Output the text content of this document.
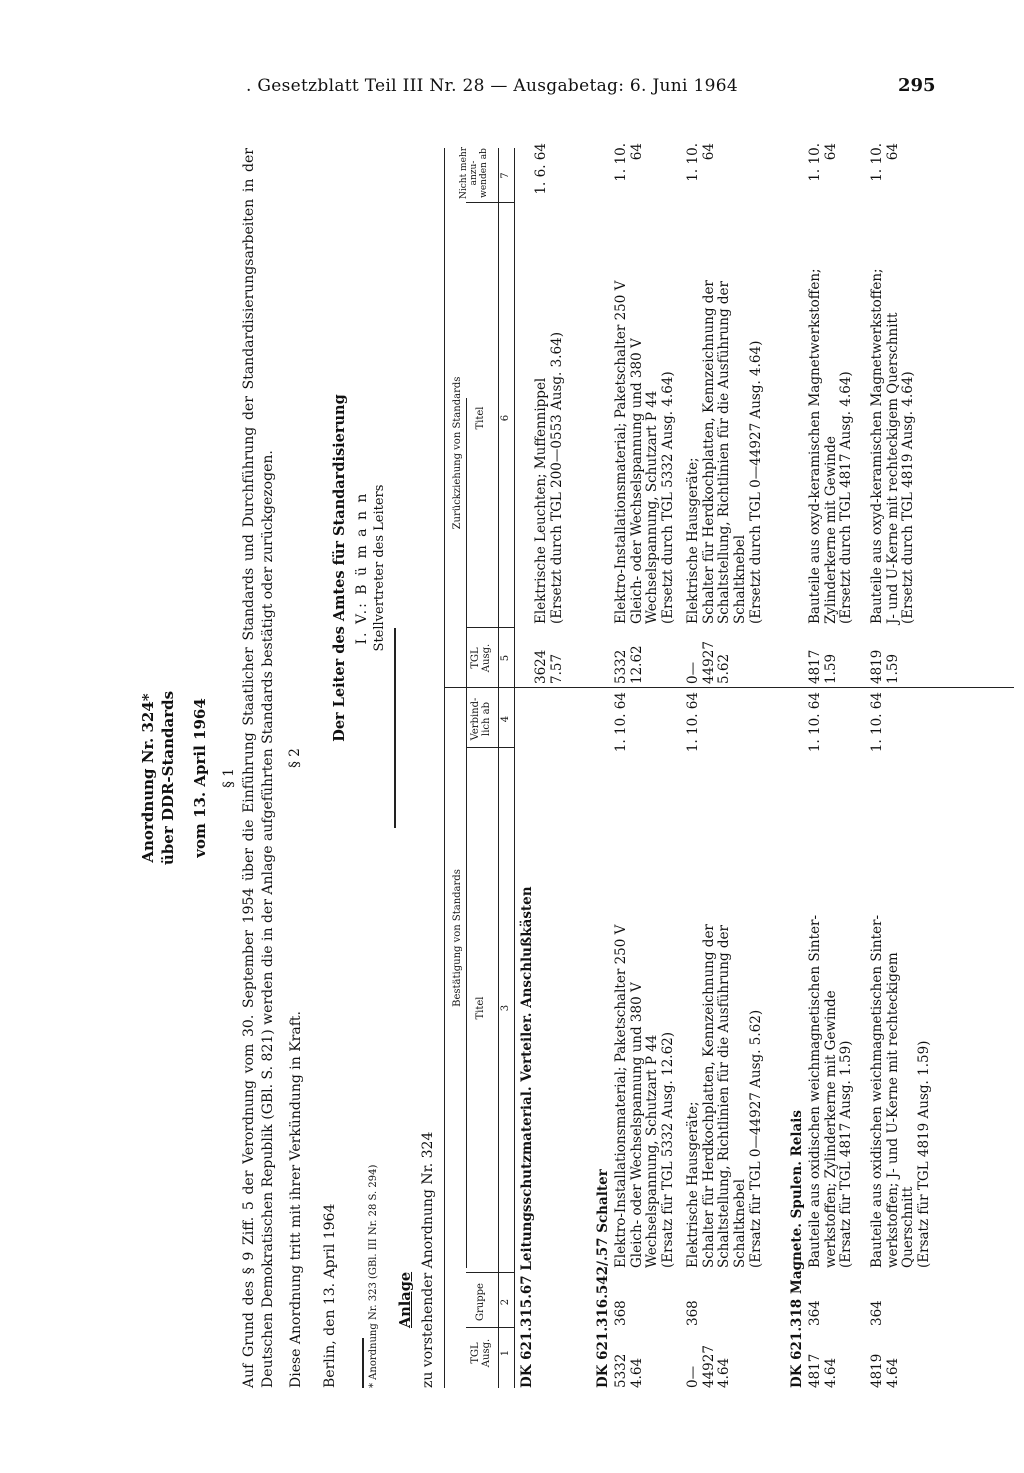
. Gesetzblatt Teil III Nr. 28 — Ausgabetag: 6. Juni 1964	295
Anordnung Nr. 324* über DDR-Standards vom 13. April 1964 § 1 Auf Grund des § 9 Ziff. 5 der Verordnung vom 30. September 1954 über die Einführung Staatlicher Standards und Durchführung der Standardisierungsarbeiten in der Deutschen Demokratischen Republik (GBl. S. 821) werden die in der Anlage aufgeführten Standards bestätigt oder zurückgezogen. § 2
Diese Anordnung tritt mit ihrer Verkündung in Kraft. Berlin, den 13. April 1964
Der Leiter des Amtes für Standardisierung I. V.: B ü m a n n Stellvertreter des Leiters
* Anordnung Nr. 323 (GBl. III Nr. 28 S. 294) Anlage zu vorstehender Anordnung Nr. 324
Bestätigung von Standards
Zurückziehung von Standards
TGL
Ausg.
Gruppe
Titel
Verbind-
lich ab
TGL
Ausg.
Titel
Nicht mehr
anzu-
wenden ab
1
2
3
4
5
6
7
DK 621.315.67 Leitungsschutzmaterial. Verteiler. Anschlußkästen
3624
7.57
Elektrische Leuchten; Muffennippel
(Ersetzt durch TGL 200—0553 Ausg. 3.64)
1. 6. 64
DK 621.316.542/.57 Schalter 5332
4.64
368
Elektro-Installationsmaterial; Paketschalter 250 V
Gleich- oder Wechselspannung und 380 V
Wechselspannung, Schutzart P 44
(Ersatz für TGL 5332 Ausg. 12.62)
1. 10. 64
5332
12.62
Elektro-Installationsmaterial; Paketschalter 250 V
Gleich- oder Wechselspannung und 380 V
Wechselspannung, Schutzart P 44
(Ersetzt durch TGL 5332 Ausg. 4.64)
1. 10. 64
0—44927
4.64
368
Elektrische Hausgeräte;
Schalter für Herdkochplatten, Kennzeichnung der
Schaltstellung, Richtlinien für die Ausführung der
Schaltknebel
(Ersatz für TGL 0—44927 Ausg. 5.62)
1. 10. 64
0—44927
5.62
Elektrische Hausgeräte;
Schalter für Herdkochplatten, Kennzeichnung der
Schaltstellung, Richtlinien für die Ausführung der
Schaltknebel
(Ersetzt durch TGL 0—44927 Ausg. 4.64)
1. 10. 64
DK 621.318 Magnete. Spulen. Relais 4817
4.64
364
Bauteile aus oxidischen weichmagnetischen Sinter-
werkstoffen; Zylinderkerne mit Gewinde
(Ersatz für TGL 4817 Ausg. 1.59)
1. 10. 64
4817
1.59
Bauteile aus oxyd-keramischen Magnetwerkstoffen;
Zylinderkerne mit Gewinde
(Ersetzt durch TGL 4817 Ausg. 4.64)
1. 10. 64
4819
4.64
364
Bauteile aus oxidischen weichmagnetischen Sinter-
werkstoffen; J- und U-Kerne mit rechteckigem
Querschnitt
(Ersatz für TGL 4819 Ausg. 1.59)
1. 10. 64
4819
1.59
Bauteile aus oxyd-keramischen Magnetwerkstoffen;
J- und U-Kerne mit rechteckigem Querschnitt
(Ersetzt durch TGL 4819 Ausg. 4.64)
1. 10. 64
